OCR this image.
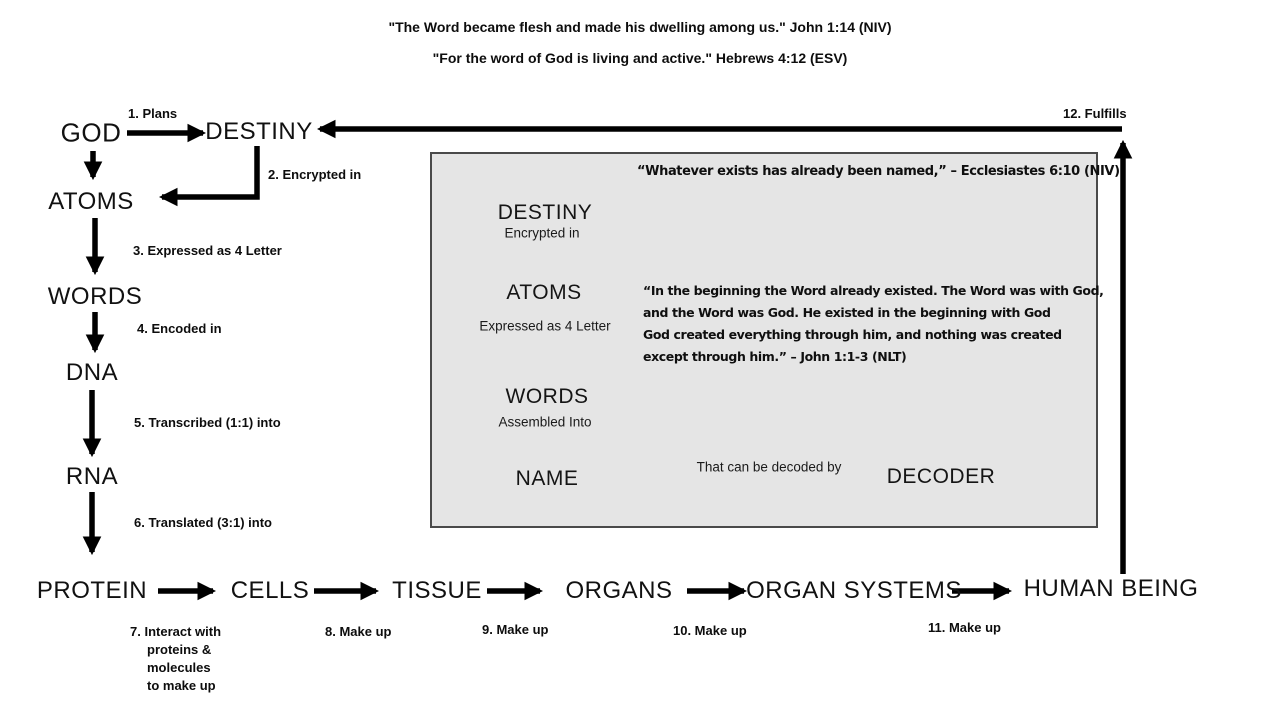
"The Word became flesh and made his dwelling among us." John 1:14 (NIV)
"For the word of God is living and active." Hebrews 4:12 (ESV)
GOD	DESTINY
ATOMS
WORDS
DNA
RNA
PROTEIN	CELLS	TISSUE	ORGANS	ORGAN SYSTEMS	HUMAN BEING
1. Plans
2. Encrypted in
3. Expressed as 4 Letter
4. Encoded in
5. Transcribed (1:1) into
6. Translated (3:1) into
7. Interact with
proteins &
molecules
to make up
8. Make up	9. Make up	10. Make up	11. Make up
12. Fulfills
“Whatever exists has already been named,” – Ecclesiastes 6:10 (NIV)
DESTINY
Encrypted in
ATOMS
Expressed as 4 Letter
WORDS
Assembled Into
NAME
“In the beginning the Word already existed. The Word was with God,
and the Word was God. He existed in the beginning with God
God created everything through him, and nothing was created
except through him.” – John 1:1-3 (NLT)
That can be decoded by DECODER
